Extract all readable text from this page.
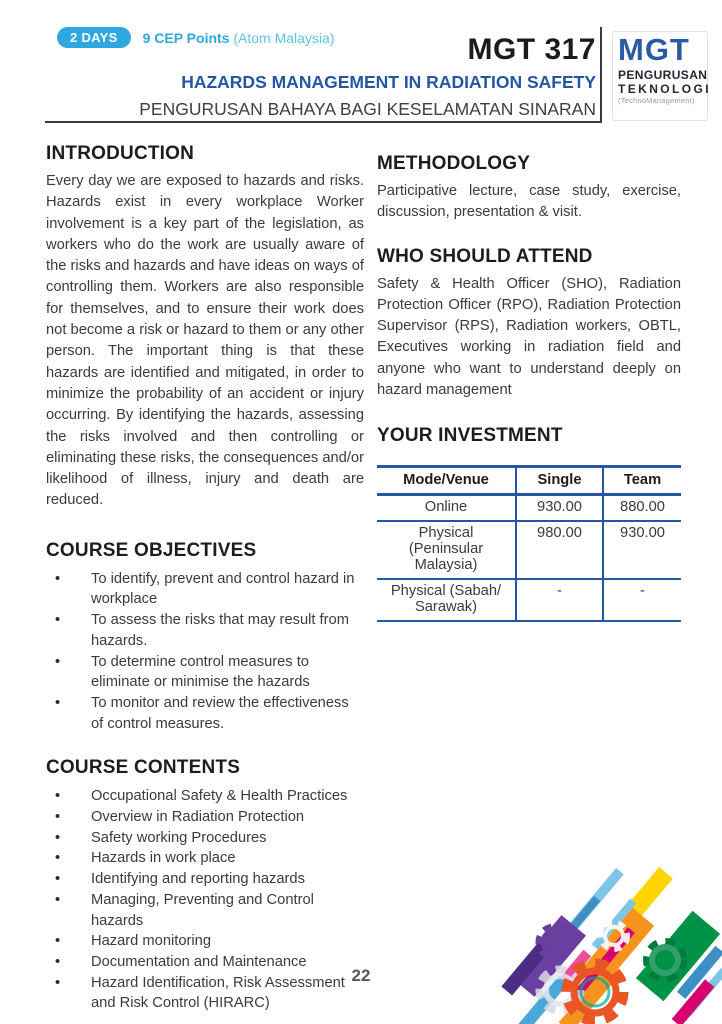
2 DAYS	9 CEP Points (Atom Malaysia)	MGT 317
HAZARDS MANAGEMENT IN RADIATION SAFETY
PENGURUSAN BAHAYA BAGI KESELAMATAN SINARAN
MGT
PENGURUSAN
TEKNOLOGI
(TechnoManagement)
INTRODUCTION

Every day we are exposed to hazards and risks. Hazards exist in every workplace Worker involvement is a key part of the legislation, as workers who do the work are usually aware of the risks and hazards and have ideas on ways of controlling them. Workers are also responsible for themselves, and to ensure their work does not become a risk or hazard to them or any other person. The important thing is that these hazards are identified and mitigated, in order to minimize the probability of an accident or injury occurring. By identifying the hazards, assessing the risks involved and then controlling or eliminating these risks, the consequences and/or likelihood of illness, injury and death are reduced.

COURSE OBJECTIVES
• To identify, prevent and control hazard in workplace
• To assess the risks that may result from hazards.
• To determine control measures to eliminate or minimise the hazards
• To monitor and review the effectiveness of control measures.
COURSE CONTENTS
• Occupational Safety & Health Practices
• Overview in Radiation Protection
• Safety working Procedures
• Hazards in work place
• Identifying and reporting hazards
• Managing, Preventing and Control hazards
• Hazard monitoring
• Documentation and Maintenance
• Hazard Identification, Risk Assessment and Risk Control (HIRARC)
METHODOLOGY

Participative lecture, case study, exercise, discussion, presentation & visit.

WHO SHOULD ATTEND

Safety & Health Officer (SHO), Radiation Protection Officer (RPO), Radiation Protection Supervisor (RPS), Radiation workers, OBTL, Executives working in radiation field and anyone who want to understand deeply on hazard management

YOUR INVESTMENT
Mode/Venue	Single	Team
Online	930.00	880.00
Physical (Peninsular Malaysia)	980.00	930.00
Physical (Sabah/ Sarawak)	-	-
22
